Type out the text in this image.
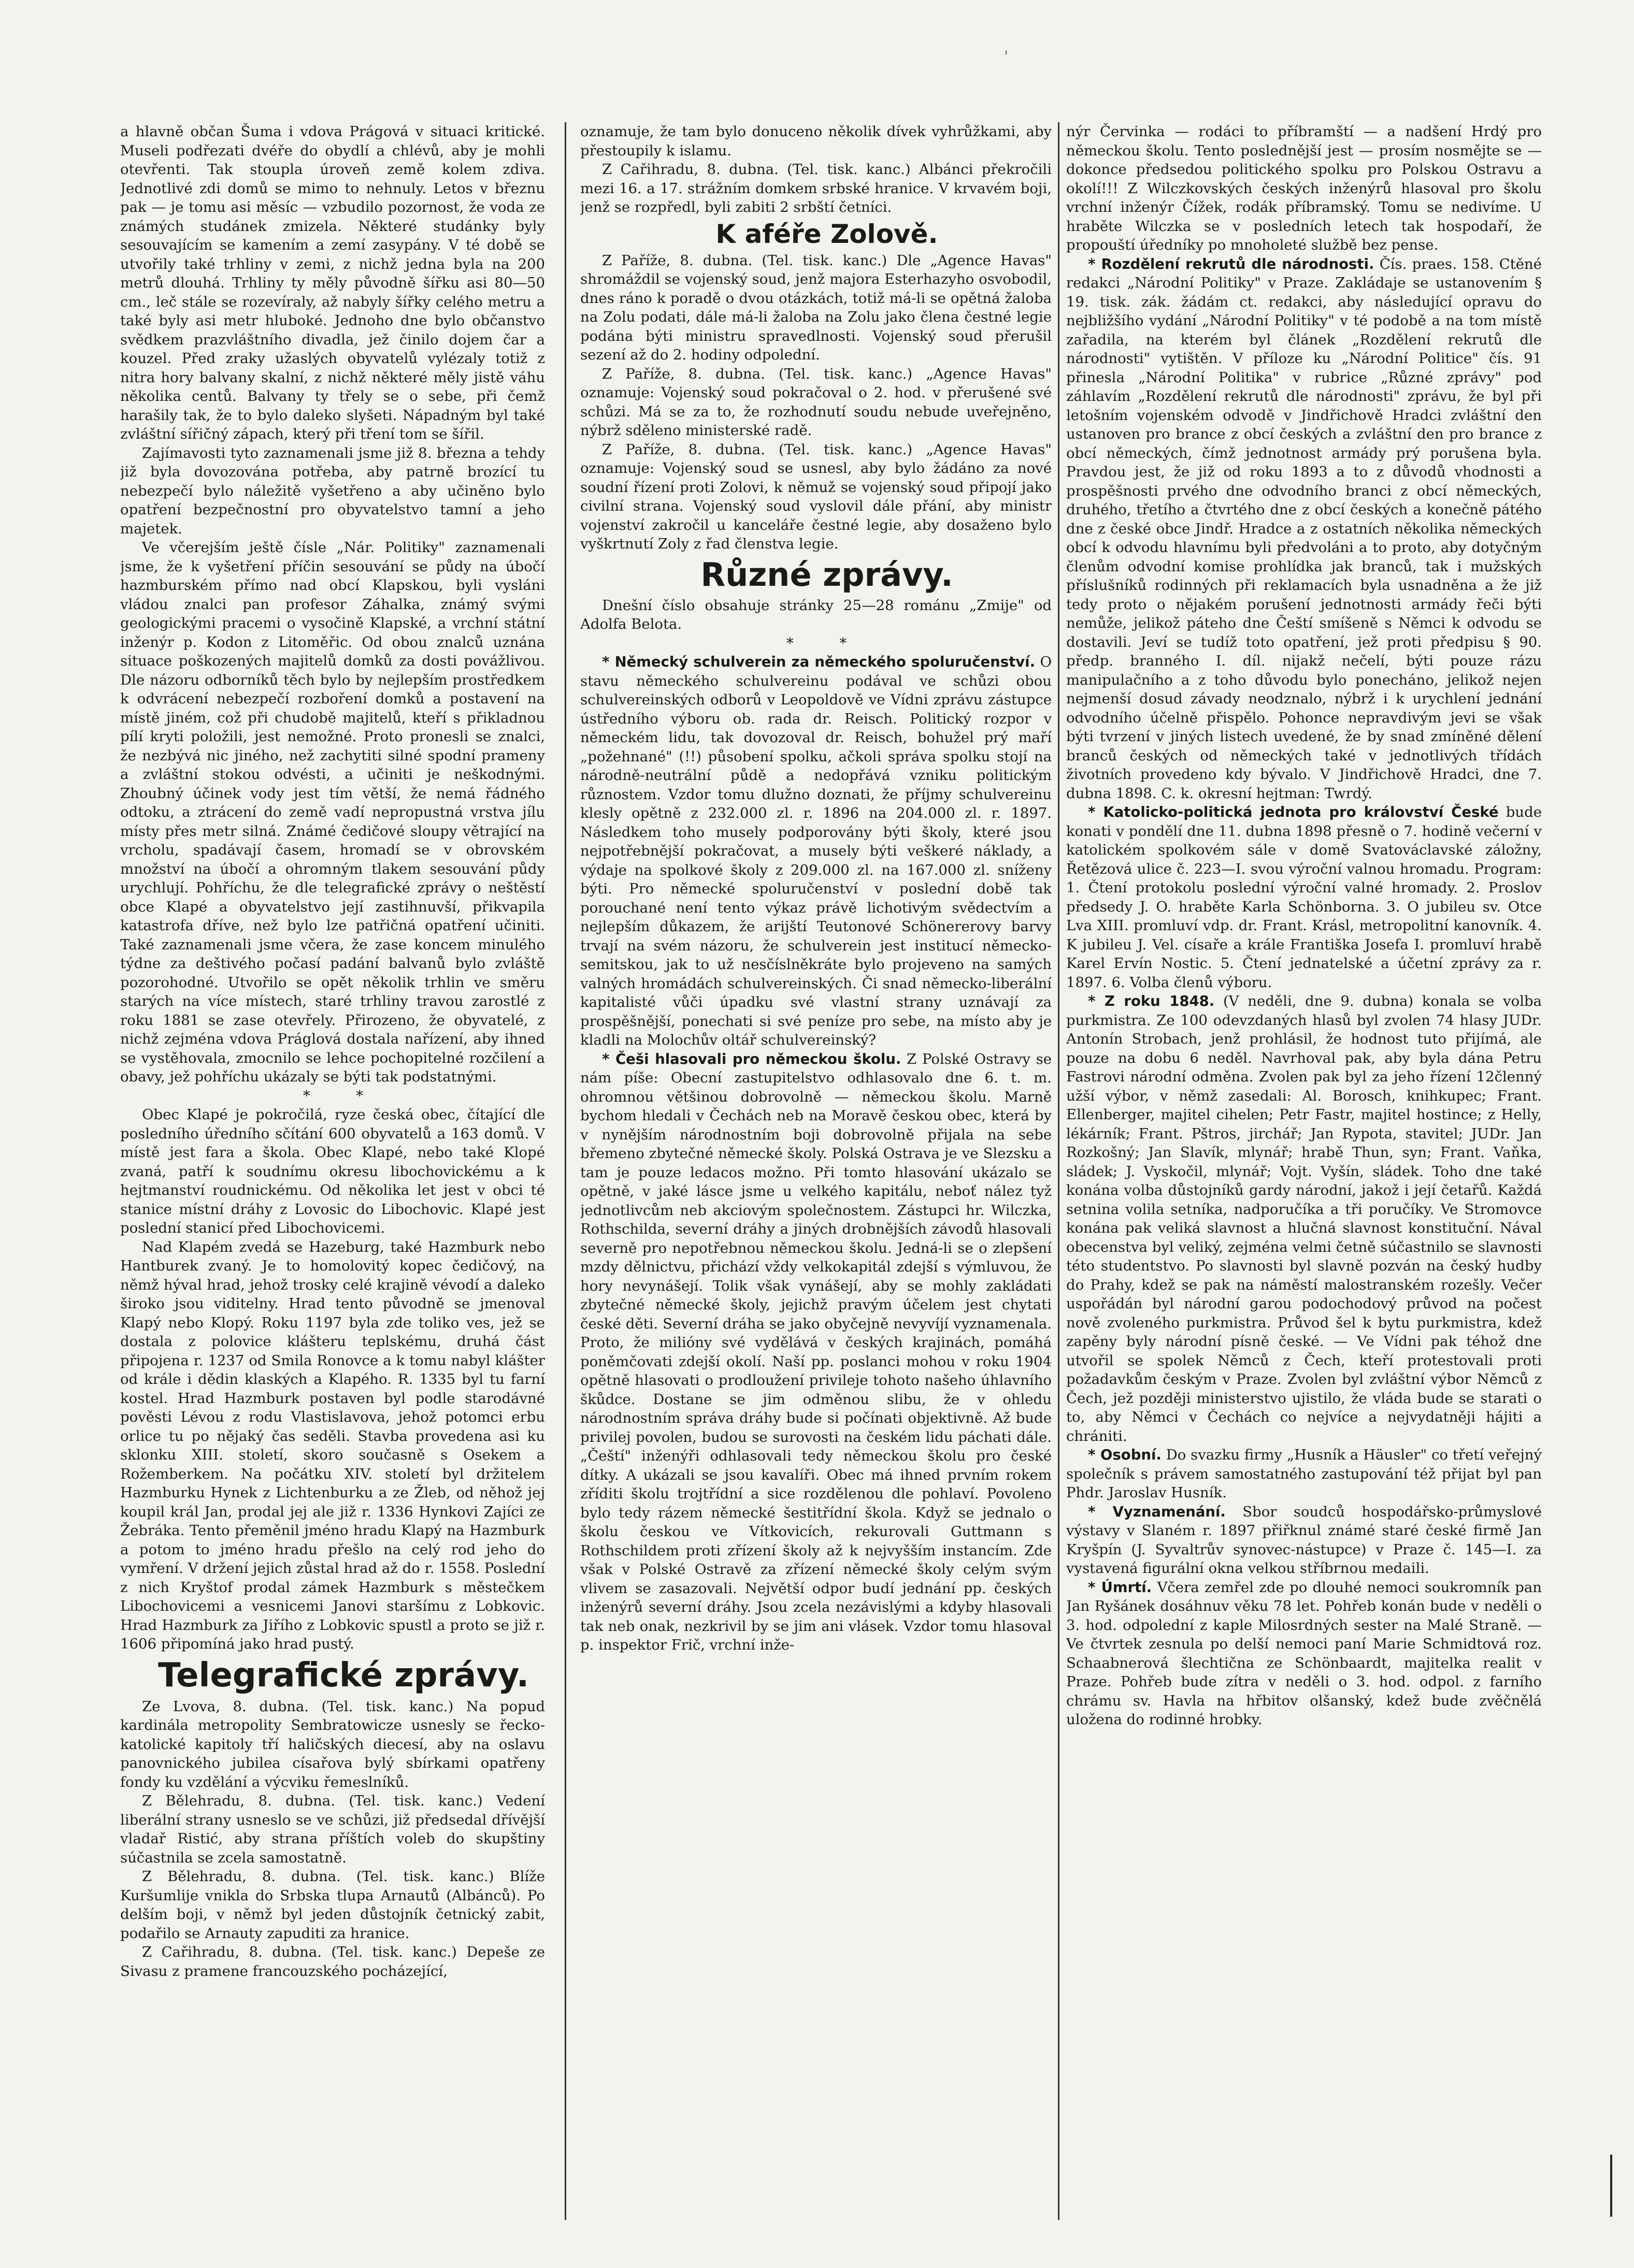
'

a hlavně občan Šuma i vdova Prágová v situaci kritické. Museli podřezati dvéře do obydlí a chlévů, aby je mohli otevřenti. Tak stoupla úroveň země kolem zdiva. Jednotlivé zdi domů se mimo to nehnuly. Letos v březnu pak — je tomu asi měsíc — vzbudilo pozornost, že voda ze známých studánek zmizela. Některé studánky byly sesouvajícím se kamením a zemí zasypány. V té době se utvořily také trhliny v zemi, z nichž jedna byla na 200 metrů dlouhá. Trhliny ty měly původně šířku asi 80—50 cm., leč stále se rozevíraly, až nabyly šířky celého metru a také byly asi metr hluboké. Jednoho dne bylo občanstvo svědkem prazvláštního divadla, jež činilo dojem čar a kouzel. Před zraky užaslých obyvatelů vylézaly totiž z nitra hory balvany skalní, z nichž některé měly jistě váhu několika centů. Balvany ty třely se o sebe, při čemž harašily tak, že to bylo daleko slyšeti. Nápadným byl také zvláštní sířičný zápach, který při tření tom se šířil.

Zajímavosti tyto zaznamenali jsme již 8. března a tehdy již byla dovozována potřeba, aby patrně brozící tu nebezpečí bylo náležitě vyšetřeno a aby učiněno bylo opatření bezpečnostní pro obyvatelstvo tamní a jeho majetek.

Ve včerejším ještě čísle „Nár. Politiky" zaznamenali jsme, že k vyšetření příčin sesouvání se půdy na úbočí hazmburském přímo nad obcí Klapskou, byli vysláni vládou znalci pan profesor Záhalka, známý svými geologickými pracemi o vysočině Klapské, a vrchní státní inženýr p. Kodon z Litoměřic. Od obou znalců uznána situace poškozených majitelů domků za dosti povážlivou. Dle názoru odborníků těch bylo by nejlepším prostředkem k odvrácení nebezpečí rozboření domků a postavení na místě jiném, což při chudobě majitelů, kteří s přikladnou pílí kryti položili, jest nemožné. Proto pronesli se znalci, že nezbývá nic jiného, než zachytiti silné spodní prameny a zvláštní stokou odvésti, a učiniti je neškodnými. Zhoubný účinek vody jest tím větší, že nemá řádného odtoku, a ztrácení do země vadí nepropustná vrstva jílu místy přes metr silná. Známé čedičové sloupy větrající na vrcholu, spadávají časem, hromadí se v obrovském množství na úbočí a ohromným tlakem sesouvání půdy urychlují. Pohříchu, že dle telegrafické zprávy o neštěstí obce Klapé a obyvatelstvo její zastihnuvší, přikvapila katastrofa dříve, než bylo lze patřičná opatření učiniti. Také zaznamenali jsme včera, že zase koncem minulého týdne za deštivého počasí padání balvanů bylo zvláště pozorohodné. Utvořilo se opět několik trhlin ve směru starých na více místech, staré trhliny travou zarostlé z roku 1881 se zase otevřely. Přirozeno, že obyvatelé, z nichž zejména vdova Práglová dostala nařízení, aby ihned se vystěhovala, zmocnilo se lehce pochopitelné rozčilení a obavy, jež pohříchu ukázaly se býti tak podstatnými.

* *

Obec Klapé je pokročilá, ryze česká obec, čítající dle posledního úředního sčítání 600 obyvatelů a 163 domů. V místě jest fara a škola. Obec Klapé, nebo také Klopé zvaná, patří k soudnímu okresu libochovickému a k hejtmanství roudnickému. Od několika let jest v obci té stanice místní dráhy z Lovosic do Libochovic. Klapé jest poslední stanicí před Libochovicemi.

Nad Klapém zvedá se Hazeburg, také Hazmburk nebo Hantburek zvaný. Je to homolovitý kopec čedičový, na němž hýval hrad, jehož trosky celé krajině vévodí a daleko široko jsou viditelny. Hrad tento původně se jmenoval Klapý nebo Klopý. Roku 1197 byla zde toliko ves, jež se dostala z polovice klášteru teplskému, druhá část připojena r. 1237 od Smila Ronovce a k tomu nabyl klášter od krále i dědin klaských a Klapého. R. 1335 byl tu farní kostel. Hrad Hazmburk postaven byl podle starodávné pověsti Lévou z rodu Vlastislavova, jehož potomci erbu orlice tu po nějaký čas seděli. Stavba provedena asi ku sklonku XIII. století, skoro současně s Osekem a Rožemberkem. Na počátku XIV. století byl držitelem Hazmburku Hynek z Lichtenburku a ze Žleb, od něhož jej koupil král Jan, prodal jej ale již r. 1336 Hynkovi Zajíci ze Žebráka. Tento přeměnil jméno hradu Klapý na Hazmburk a potom to jméno hradu přešlo na celý rod jeho do vymření. V držení jejich zůstal hrad až do r. 1558. Poslední z nich Kryštof prodal zámek Hazmburk s městečkem Libochovicemi a vesnicemi Janovi staršímu z Lobkovic. Hrad Hazmburk za Jiřího z Lobkovic spustl a proto se již r. 1606 připomíná jako hrad pustý.

Telegrafické zprávy.

Ze Lvova, 8. dubna. (Tel. tisk. kanc.) Na popud kardinála metropolity Sembratowicze usnesly se řecko-katolické kapitoly tří haličských diecesí, aby na oslavu panovnického jubilea císařova bylý sbírkami opatřeny fondy ku vzdělání a výcviku řemeslníků.

Z Bělehradu, 8. dubna. (Tel. tisk. kanc.) Vedení liberální strany usneslo se ve schůzi, již předsedal dřívější vladař Ristić, aby strana příštích voleb do skupštiny súčastnila se zcela samostatně.

Z Bělehradu, 8. dubna. (Tel. tisk. kanc.) Blíže Kuršumlije vnikla do Srbska tlupa Arnautů (Albánců). Po delším boji, v němž byl jeden důstojník četnický zabit, podařilo se Arnauty zapuditi za hranice.

Z Cařihradu, 8. dubna. (Tel. tisk. kanc.) Depeše ze Sivasu z pramene francouzského pocházející,

oznamuje, že tam bylo donuceno několik dívek vyhrůžkami, aby přestoupily k islamu.

Z Cařihradu, 8. dubna. (Tel. tisk. kanc.) Albánci překročili mezi 16. a 17. strážním domkem srbské hranice. V krvavém boji, jenž se rozpředl, byli zabiti 2 srbští četníci.

K aféře Zolově.

Z Paříže, 8. dubna. (Tel. tisk. kanc.) Dle „Agence Havas" shromáždil se vojenský soud, jenž majora Esterhazyho osvobodil, dnes ráno k poradě o dvou otázkách, totiž má-li se opětná žaloba na Zolu podati, dále má-li žaloba na Zolu jako člena čestné legie podána býti ministru spravedlnosti. Vojenský soud přerušil sezení až do 2. hodiny odpolední.

Z Paříže, 8. dubna. (Tel. tisk. kanc.) „Agence Havas" oznamuje: Vojenský soud pokračoval o 2. hod. v přerušené své schůzi. Má se za to, že rozhodnutí soudu nebude uveřejněno, nýbrž sděleno ministerské radě.

Z Paříže, 8. dubna. (Tel. tisk. kanc.) „Agence Havas" oznamuje: Vojenský soud se usnesl, aby bylo žádáno za nové soudní řízení proti Zolovi, k němuž se vojenský soud připojí jako civilní strana. Vojenský soud vyslovil dále přání, aby ministr vojenství zakročil u kanceláře čestné legie, aby dosaženo bylo vyškrtnutí Zoly z řad členstva legie.

Různé zprávy.

Dnešní číslo obsahuje stránky 25—28 románu „Zmije" od Adolfa Belota.

* *

* Německý schulverein za německého spoluručenství. O stavu německého schulvereinu podával ve schůzi obou schulvereinských odborů v Leopoldově ve Vídni zprávu zástupce ústředního výboru ob. rada dr. Reisch. Politický rozpor v německém lidu, tak dovozoval dr. Reisch, bohužel prý maří „požehnané" (!!) působení spolku, ačkoli správa spolku stojí na národně-neutrální půdě a nedopřává vzniku politickým různostem. Vzdor tomu dlužno doznati, že příjmy schulvereinu klesly opětně z 232.000 zl. r. 1896 na 204.000 zl. r. 1897. Následkem toho musely podporovány býti školy, které jsou nejpotřebnější pokračovat, a musely býti veškeré náklady, a výdaje na spolkové školy z 209.000 zl. na 167.000 zl. sníženy býti. Pro německé spoluručenství v poslední době tak porouchané není tento výkaz právě lichotivým svědectvím a nejlepším důkazem, že arijští Teutonové Schönererovy barvy trvají na svém názoru, že schulverein jest institucí německo-semitskou, jak to už nesčíslněkráte bylo projeveno na samých valných hromádách schulvereinských. Či snad německo-liberální kapitalisté vůči úpadku své vlastní strany uznávají za prospěšnější, ponechati si své peníze pro sebe, na místo aby je kladli na Molochův oltář schulvereinský?

* Češi hlasovali pro německou školu. Z Polské Ostravy se nám píše: Obecní zastupitelstvo odhlasovalo dne 6. t. m. ohromnou většinou dobrovolně — německou školu. Marně bychom hledali v Čechách neb na Moravě českou obec, která by v nynějším národnostním boji dobrovolně přijala na sebe břemeno zbytečné německé školy. Polská Ostrava je ve Slezsku a tam je pouze ledacos možno. Při tomto hlasování ukázalo se opětně, v jaké lásce jsme u velkého kapitálu, neboť nález tyž jednotlivcům neb akciovým společnostem. Zástupci hr. Wilczka, Rothschilda, severní dráhy a jiných drobnějších závodů hlasovali severně pro nepotřebnou německou školu. Jedná-li se o zlepšení mzdy dělnictvu, přichází vždy velkokapitál zdejší s výmluvou, že hory nevynášejí. Tolik však vynášejí, aby se mohly zakládati zbytečné německé školy, jejichž pravým účelem jest chytati české děti. Severní dráha se jako obyčejně nevyvíjí vyznamenala. Proto, že milióny své vydělává v českých krajinách, pomáhá poněmčovati zdejší okolí. Naší pp. poslanci mohou v roku 1904 opětně hlasovati o prodloužení privileje tohoto našeho úhlavního škůdce. Dostane se jim odměnou slibu, že v ohledu národnostním správa dráhy bude si počínati objektivně. Až bude privilej povolen, budou se surovosti na českém lidu páchati dále. „Čeští" inženýři odhlasovali tedy německou školu pro české dítky. A ukázali se jsou kavalíři. Obec má ihned prvním rokem zříditi školu trojtřídní a sice rozdělenou dle pohlaví. Povoleno bylo tedy rázem německé šestitřídní škola. Když se jednalo o školu českou ve Vítkovicích, rekurovali Guttmann s Rothschildem proti zřízení školy až k nejvyšším instancím. Zde však v Polské Ostravě za zřízení německé školy celým svým vlivem se zasazovali. Největší odpor budí jednání pp. českých inženýrů severní dráhy. Jsou zcela nezávislými a kdyby hlasovali tak neb onak, nezkrivil by se jim ani vlásek. Vzdor tomu hlasoval p. inspektor Frič, vrchní inže-

nýr Červinka — rodáci to příbramští — a nadšení Hrdý pro německou školu. Tento poslednější jest — prosím nosmějte se — dokonce předsedou politického spolku pro Polskou Ostravu a okolí!!! Z Wilczkovských českých inženýrů hlasoval pro školu vrchní inženýr Čížek, rodák příbramský. Tomu se nedivíme. U hraběte Wilczka se v posledních letech tak hospodaří, že propouští úředníky po mnoholeté službě bez pense.

* Rozdělení rekrutů dle národnosti. Čís. praes. 158. Ctěné redakci „Národní Politiky" v Praze. Zakládaje se ustanovením § 19. tisk. zák. žádám ct. redakci, aby následující opravu do nejbližšího vydání „Národní Politiky" v té podobě a na tom místě zařadila, na kterém byl článek „Rozdělení rekrutů dle národnosti" vytištěn. V příloze ku „Národní Politice" čís. 91 přinesla „Národní Politika" v rubrice „Různé zprávy" pod záhlavím „Rozdělení rekrutů dle národnosti" zprávu, že byl při letošním vojenském odvodě v Jindřichově Hradci zvláštní den ustanoven pro brance z obcí českých a zvláštní den pro brance z obcí německých, čímž jednotnost armády prý porušena byla. Pravdou jest, že již od roku 1893 a to z důvodů vhodnosti a prospěšnosti prvého dne odvodního branci z obcí německých, druhého, třetího a čtvrtého dne z obcí českých a konečně pátého dne z české obce Jindř. Hradce a z ostatních několika německých obcí k odvodu hlavnímu byli předvoláni a to proto, aby dotyčným členům odvodní komise prohlídka jak branců, tak i mužských příslušníků rodinných při reklamacích byla usnadněna a že již tedy proto o nějakém porušení jednotnosti armády řeči býti nemůže, jelikož páteho dne Čeští smíšeně s Němci k odvodu se dostavili. Jeví se tudíž toto opatření, jež proti předpisu § 90. předp. branného I. díl. nijakž nečelí, býti pouze rázu manipulačního a z toho důvodu bylo ponecháno, jelikož nejen nejmenší dosud závady neodznalo, nýbrž i k urychlení jednání odvodního účelně přispělo. Pohonce nepravdivým jevi se však býti tvrzení v jiných listech uvedené, že by snad zmíněné dělení branců českých od německých také v jednotlivých třídách životních provedeno kdy bývalo. V Jindřichově Hradci, dne 7. dubna 1898. C. k. okresní hejtman: Twrdý.

* Katolicko-politická jednota pro království České bude konati v pondělí dne 11. dubna 1898 přesně o 7. hodině večerní v katolickém spolkovém sále v domě Svatováclavské záložny, Řetězová ulice č. 223—I. svou výroční valnou hromadu. Program: 1. Čtení protokolu poslední výroční valné hromady. 2. Proslov předsedy J. O. hraběte Karla Schönborna. 3. O jubileu sv. Otce Lva XIII. promluví vdp. dr. Frant. Krásl, metropolitní kanovník. 4. K jubileu J. Vel. císaře a krále Františka Josefa I. promluví hrabě Karel Ervín Nostic. 5. Čtení jednatelské a účetní zprávy za r. 1897. 6. Volba členů výboru.

* Z roku 1848. (V neděli, dne 9. dubna) konala se volba purkmistra. Ze 100 odevzdaných hlasů byl zvolen 74 hlasy JUDr. Antonín Strobach, jenž prohlásil, že hodnost tuto přijímá, ale pouze na dobu 6 neděl. Navrhoval pak, aby byla dána Petru Fastrovi národní odměna. Zvolen pak byl za jeho řízení 12členný užší výbor, v němž zasedali: Al. Borosch, knihkupec; Frant. Ellenberger, majitel cihelen; Petr Fastr, majitel hostince; z Helly, lékárník; Frant. Pštros, jirchář; Jan Rypota, stavitel; JUDr. Jan Rozkošný; Jan Slavík, mlynář; hrabě Thun, syn; Frant. Vaňka, sládek; J. Vyskočil, mlynář; Vojt. Vyšín, sládek. Toho dne také konána volba důstojníků gardy národní, jakož i její četařů. Každá setnina volila setníka, nadporučíka a tři poručíky. Ve Stromovce konána pak veliká slavnost a hlučná slavnost konstituční. Nával obecenstva byl veliký, zejména velmi četně súčastnilo se slavnosti této studentstvo. Po slavnosti byl slavně pozván na český hudby do Prahy, kdež se pak na náměstí malostranském rozešly. Večer uspořádán byl národní garou podochodový průvod na počest nově zvoleného purkmistra. Průvod šel k bytu purkmistra, kdež zapěny byly národní písně české. — Ve Vídni pak téhož dne utvořil se spolek Němců z Čech, kteří protestovali proti požadavkům českým v Praze. Zvolen byl zvláštní výbor Němců z Čech, jež později ministerstvo ujistilo, že vláda bude se starati o to, aby Němci v Čechách co nejvíce a nejvydatněji hájiti a chrániti.

* Osobní. Do svazku firmy „Husník a Häusler" co třetí veřejný společník s právem samostatného zastupování též přijat byl pan Phdr. Jaroslav Husník.

* Vyznamenání. Sbor soudců hospodářsko-průmyslové výstavy v Slaném r. 1897 přiřknul známé staré české firmě Jan Kryšpín (J. Syvaltrův synovec-nástupce) v Praze č. 145—I. za vystavená figurální okna velkou stříbrnou medaili.

* Úmrtí. Včera zemřel zde po dlouhé nemoci soukromník pan Jan Ryšánek dosáhnuv věku 78 let. Pohřeb konán bude v neděli o 3. hod. odpolední z kaple Milosrdných sester na Malé Straně. — Ve čtvrtek zesnula po delší nemoci paní Marie Schmidtová roz. Schaabnerová šlechtična ze Schönbaardt, majitelka realit v Praze. Pohřeb bude zítra v neděli o 3. hod. odpol. z farního chrámu sv. Havla na hřbitov olšanský, kdež bude zvěčnělá uložena do rodinné hrobky.
